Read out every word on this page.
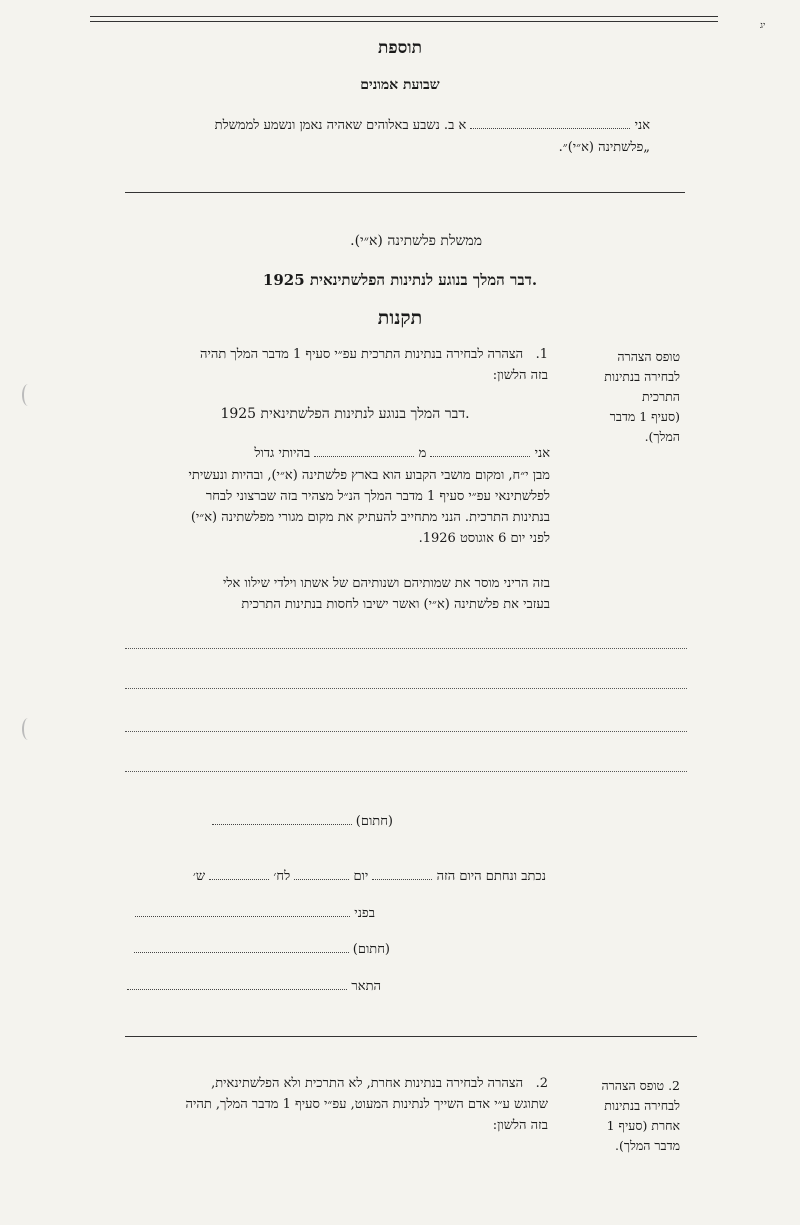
יג
תוספת
שבועת אמונים
אני  א ב. נשבע באלוהים שאהיה נאמן ונשמע לממשלת
„פלשתינה (א״י)״.
ממשלת פלשתינה (א״י).
דבר המלך בנוגע לנתינות הפלשתינאית 1925.
תקנות
טופס הצהרה
לבחירה בנתינות
התרכית
(סעיף 1 מדבר
המלך).
1.   הצהרה לבחירה בנתינות התרכית עפ״י סעיף 1 מדבר המלך תהיה
בזה הלשון:
דבר המלך בנוגע לנתינות הפלשתינאית 1925.
אני  מ  בהיותי גדול
מבן י״ח, ומקום מושבי הקבוע הוא בארץ פלשתינה (א״י), ובהיות ונעשיתי
לפלשתינאי עפ״י סעיף 1 מדבר המלך הנ״ל מצהיר בזה שברצוני לבחר
בנתינות התרכית. הנני מתחייב להעתיק את מקום מגורי מפלשתינה (א״י)
לפני יום 6 אוגוסט 1926.
בזה הריני מוסר את שמותיהם ושנותיהם של אשתו וילדי שילוו אלי
בעזבי את פלשתינה (א״י) ואשר ישיבו לחסות בנתינות התרכית
(חתום)
נכתב ונחתם היום הזה  יום  לח׳  ש׳
בפני
(חתום)
התאר
2. טופס הצהרה
לבחירה בנתינות
אחרת (סעיף 1
מדבר המלך).
2.   הצהרה לבחירה בנתינות אחרת, לא התרכית ולא הפלשתינאית,
שתוגש ע״י אדם השייך לנתינות המעוט, עפ״י סעיף 1 מדבר המלך, תהיה
בזה הלשון:
